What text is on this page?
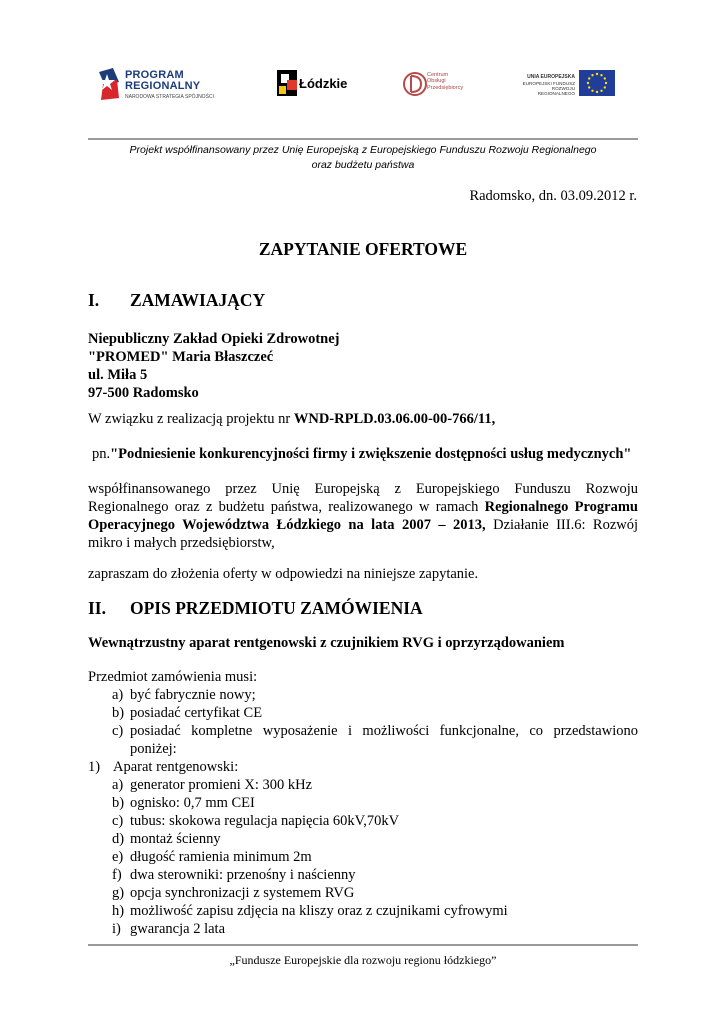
PROGRAM
REGIONALNY
NARODOWA STRATEGIA SPÓJNOŚCI
Łódzkie
Centrum
Obsługi
Przedsiębiorcy
UNIA EUROPEJSKA
EUROPEJSKI FUNDUSZ
ROZWOJU REGIONALNEGO
Projekt współfinansowany przez Unię Europejską z Europejskiego Funduszu Rozwoju Regionalnego
oraz budżetu państwa
Radomsko, dn. 03.09.2012 r.
ZAPYTANIE OFERTOWE
I. ZAMAWIAJĄCY
Niepubliczny Zakład Opieki Zdrowotnej
"PROMED" Maria Błaszczeć
ul. Miła 5
97-500 Radomsko
W związku z realizacją projektu nr WND-RPLD.03.06.00-00-766/11,
pn."Podniesienie konkurencyjności firmy i zwiększenie dostępności usług medycznych"
współfinansowanego przez Unię Europejską z Europejskiego Funduszu Rozwoju
Regionalnego oraz z budżetu państwa, realizowanego w ramach Regionalnego Programu
Operacyjnego Województwa Łódzkiego na lata 2007 – 2013, Działanie III.6: Rozwój
mikro i małych przedsiębiorstw,
zapraszam do złożenia oferty w odpowiedzi na niniejsze zapytanie.
II. OPIS PRZEDMIOTU ZAMÓWIENIA
Wewnątrzustny aparat rentgenowski z czujnikiem RVG i oprzyrządowaniem
Przedmiot zamówienia musi:
a) być fabrycznie nowy;
b) posiadać certyfikat CE
c) posiadać kompletne wyposażenie i możliwości funkcjonalne, co przedstawiono
poniżej:
1) Aparat rentgenowski:
a) generator promieni X: 300 kHz
b) ognisko: 0,7 mm CEI
c) tubus: skokowa regulacja napięcia 60kV,70kV
d) montaż ścienny
e) długość ramienia minimum 2m
f) dwa sterowniki: przenośny i naścienny
g) opcja synchronizacji z systemem RVG
h) możliwość zapisu zdjęcia na kliszy oraz z czujnikami cyfrowymi
i) gwarancja 2 lata
„Fundusze Europejskie dla rozwoju regionu łódzkiego”
